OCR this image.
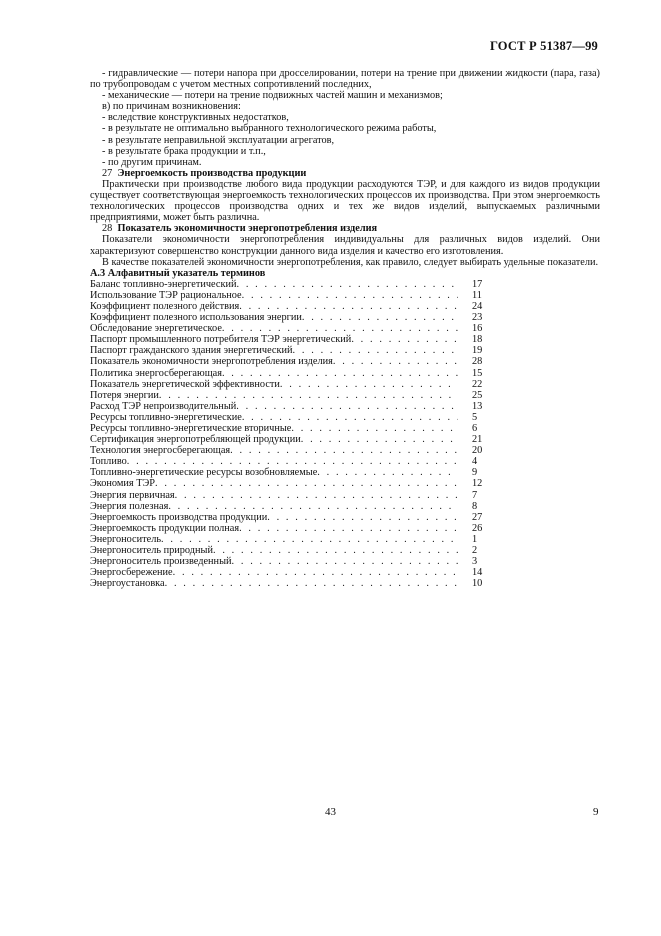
ГОСТ Р 51387—99

- гидравлические — потери напора при дросселировании, потери на трение при движении жидкости (пара, газа) по трубопроводам с учетом местных сопротивлений последних,

- механические — потери на трение подвижных частей машин и механизмов;

в) по причинам возникновения:

- вследствие конструктивных недостатков,

- в результате не оптимально выбранного технологического режима работы,

- в результате неправильной эксплуатации агрегатов,

- в результате брака продукции и т.п.,

- по другим причинам.

27 Энергоемкость производства продукции

Практически при производстве любого вида продукции расходуются ТЭР, и для каждого из видов продукции существует соответствующая энергоемкость технологических процессов их производства. При этом энергоемкость технологических процессов производства одних и тех же видов изделий, выпускаемых различными предприятиями, может быть различна.

28 Показатель экономичности энергопотребления изделия

Показатели экономичности энергопотребления индивидуальны для различных видов изделий. Они характеризуют совершенство конструкции данного вида изделия и качество его изготовления.

В качестве показателей экономичности энергопотребления, как правило, следует выбирать удельные показатели.

А.3 Алфавитный указатель терминов

Баланс топливно-энергетический . . .	17
Использование ТЭР рациональное . . .	11
Коэффициент полезного действия . . .	24
Коэффициент полезного использования энергии . . .	23
Обследование энергетическое . . .	16
Паспорт промышленного потребителя ТЭР энергетический . . .	18
Паспорт гражданского здания энергетический . . .	19
Показатель экономичности энергопотребления изделия . . .	28
Политика энергосберегающая . . .	15
Показатель энергетической эффективности . . .	22
Потеря энергии . . .	25
Расход ТЭР непроизводительный . . .	13
Ресурсы топливно-энергетические . . .	5
Ресурсы топливно-энергетические вторичные . . .	6
Сертификация энергопотребляющей продукции . . .	21
Технология энергосберегающая . . .	20
Топливо . . .	4
Топливно-энергетические ресурсы возобновляемые . . .	9
Экономия ТЭР . . .	12
Энергия первичная . . .	7
Энергия полезная . . .	8
Энергоемкость производства продукции . . .	27
Энергоемкость продукции полная . . .	26
Энергоноситель . . .	1
Энергоноситель природный . . .	2
Энергоноситель произведенный . . .	3
Энергосбережение . . .	14
Энергоустановка . . .	10
43	9
